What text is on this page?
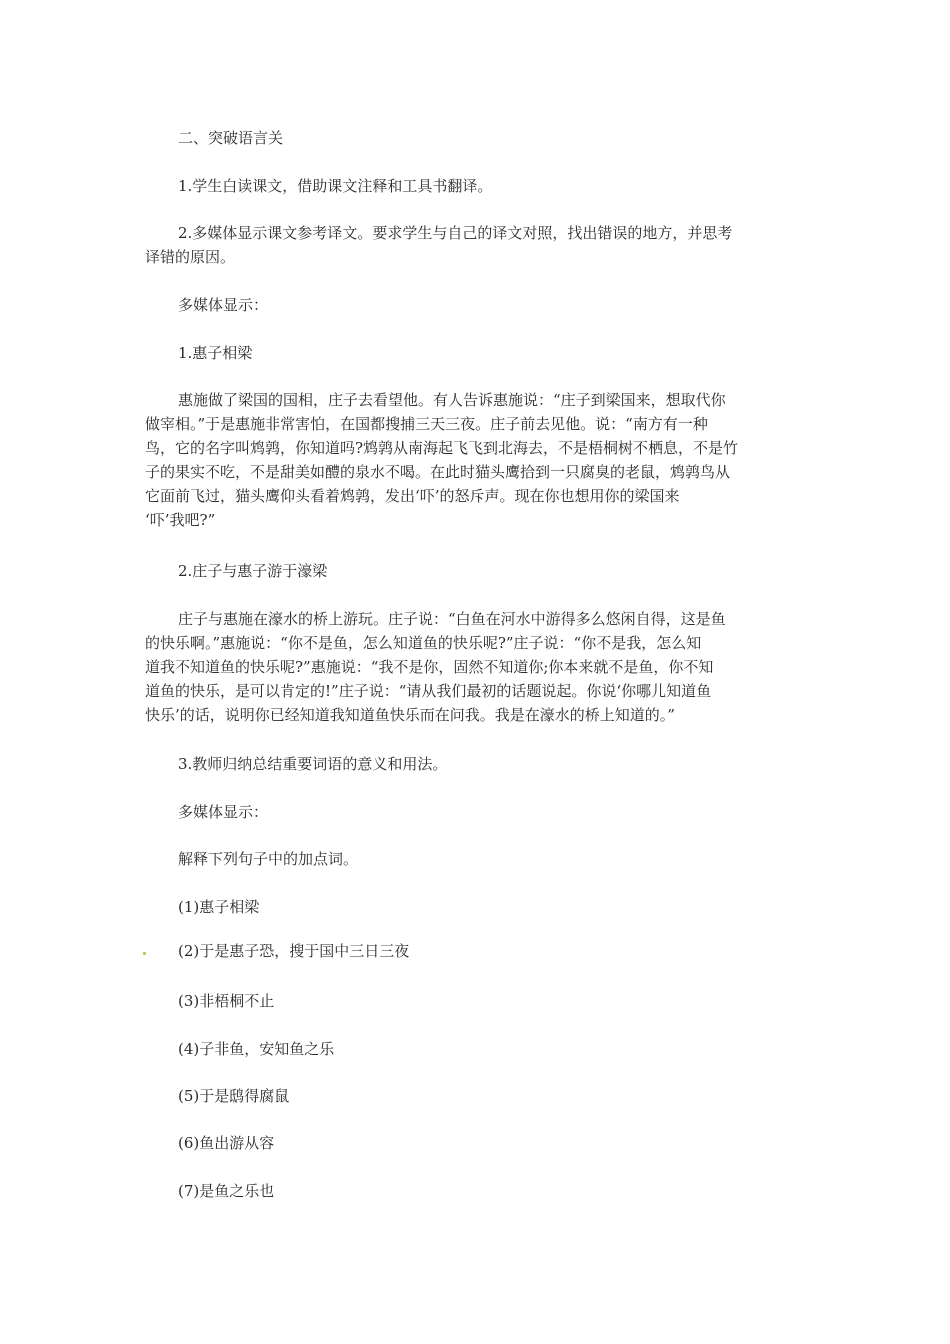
二、突破语言关
1.学生白读课文，借助课文注释和工具书翻译。
2.多媒体显示课文参考译文。要求学生与自己的译文对照，找出错误的地方，并思考
译错的原因。
多媒体显示：
1.惠子相梁
惠施做了梁国的国相，庄子去看望他。有人告诉惠施说：“庄子到梁国来，想取代你
做宰相。”于是惠施非常害怕，在国都搜捕三天三夜。庄子前去见他。说：“南方有一种
鸟，它的名字叫鸩鹑，你知道吗?鸩鹑从南海起飞飞到北海去，不是梧桐树不栖息，不是竹
子的果实不吃，不是甜美如醴的泉水不喝。在此时猫头鹰拾到一只腐臭的老鼠，鸩鹑鸟从
它面前飞过，猫头鹰仰头看着鸩鹑，发出‘吓’的怒斥声。现在你也想用你的梁国来
‘吓’我吧?”
2.庄子与惠子游于濠梁
庄子与惠施在濠水的桥上游玩。庄子说：“白鱼在河水中游得多么悠闲自得，这是鱼
的快乐啊。”惠施说：“你不是鱼，怎么知道鱼的快乐呢?”庄子说：“你不是我，怎么知
道我不知道鱼的快乐呢?”惠施说：“我不是你，固然不知道你;你本来就不是鱼，你不知
道鱼的快乐，是可以肯定的!”庄子说：“请从我们最初的话题说起。你说‘你哪儿知道鱼
快乐’的话，说明你已经知道我知道鱼快乐而在问我。我是在濠水的桥上知道的。”
3.教师归纳总结重要词语的意义和用法。
多媒体显示：
解释下列句子中的加点词。
(1)惠子相梁
(2)于是惠子恐，搜于国中三日三夜
(3)非梧桐不止
(4)子非鱼，安知鱼之乐
(5)于是鸱得腐鼠
(6)鱼出游从容
(7)是鱼之乐也
